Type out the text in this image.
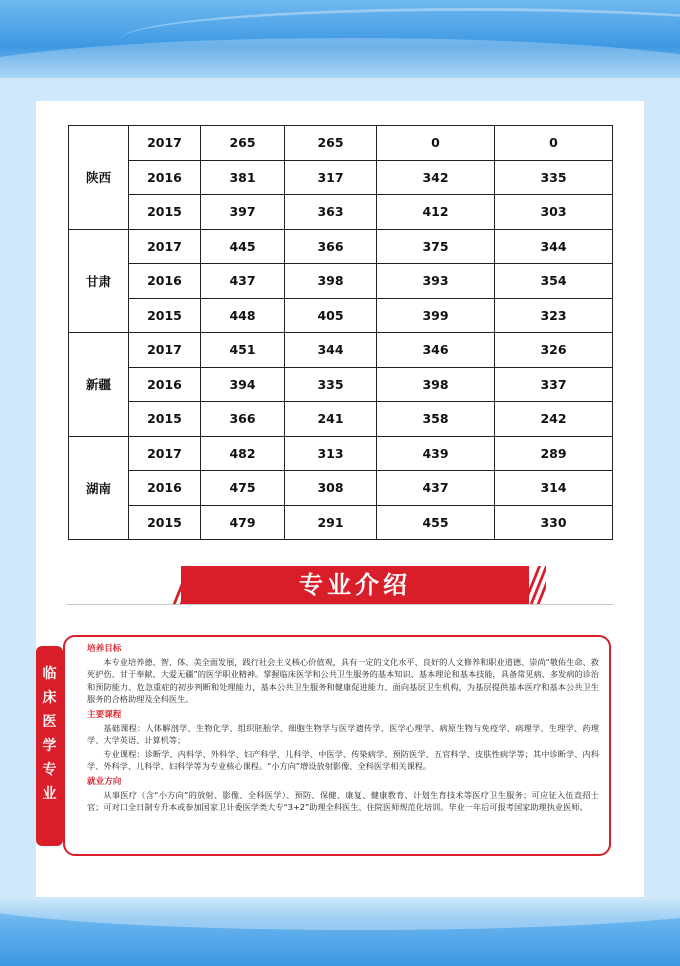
陕西	2017	265	265	0	0
	2016	381	317	342	335
	2015	397	363	412	303
甘肃	2017	445	366	375	344
	2016	437	398	393	354
	2015	448	405	399	323
新疆	2017	451	344	346	326
	2016	394	335	398	337
	2015	366	241	358	242
湖南	2017	482	313	439	289
	2016	475	308	437	314
	2015	479	291	455	330
专业介绍
培养目标

本专业培养德、智、体、美全面发展，践行社会主义核心价值观，具有一定的文化水平、良好的人文修养和职业道德、崇尚“敬佑生命、救死护伤、甘于奉献、大爱无疆”的医学职业精神。掌握临床医学和公共卫生服务的基本知识、基本理论和基本技能，具备常见病、多发病的诊治和预防能力、危急重症的初步判断和处理能力，基本公共卫生服务和健康促进能力、面向基层卫生机构，为基层提供基本医疗和基本公共卫生服务的合格助理及全科医生。

主要课程

基础课程：人体解剖学、生物化学、组织胚胎学、细胞生物学与医学遗传学、医学心理学、病原生物与免疫学、病理学、生理学、药理学、大学英语、计算机等；

专业课程：诊断学、内科学、外科学、妇产科学、儿科学、中医学、传染病学、预防医学、五官科学、皮肤性病学等；其中诊断学、内科学、外科学、儿科学、妇科学等为专业核心课程。“小方向”增设放射影像、全科医学相关课程。

就业方向

从事医疗（含“小方向”的放射、影像、全科医学）、预防、保健、康复、健康教育、计划生育技术等医疗卫生服务；可应征入伍直招士官；可对口全日制专升本或参加国家卫计委医学类大专“3+2”助理全科医生、住院医师规范化培训。毕业一年后可报考国家助理执业医师。

临
床
医
学
专
业
